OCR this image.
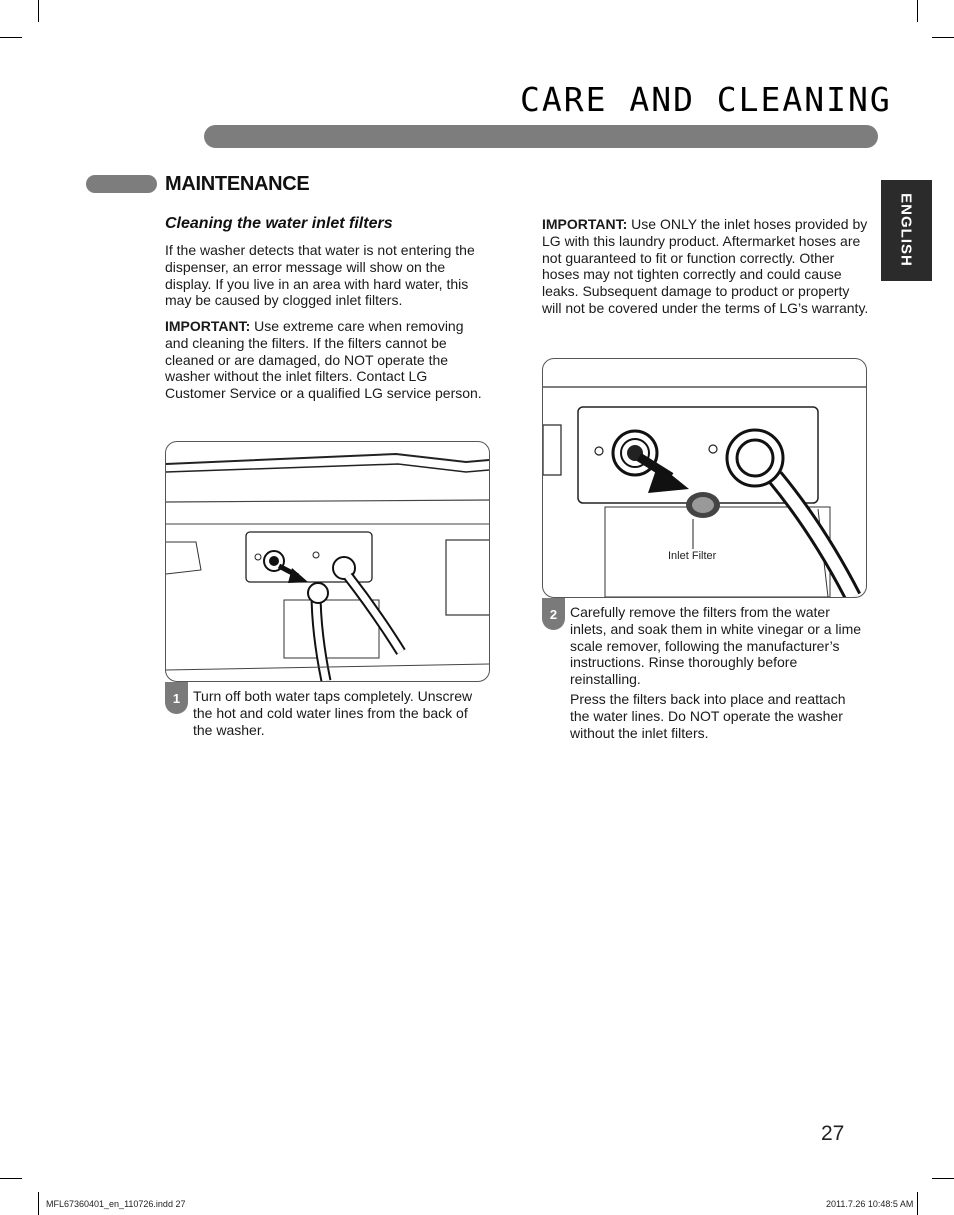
CARE AND CLEANING
ENGLISH
MAINTENANCE
Cleaning the water inlet filters

If the washer detects that water is not entering the dispenser, an error message will show on the display. If you live in an area with hard water, this may be caused by clogged inlet filters.

IMPORTANT: Use extreme care when removing and cleaning the filters. If the filters cannot be cleaned or are damaged, do NOT operate the washer without the inlet filters. Contact LG Customer Service or a qualified LG service person.

IMPORTANT: Use ONLY the inlet hoses provided by LG with this laundry product. Aftermarket hoses are not guaranteed to fit or function correctly. Other hoses may not tighten correctly and could cause leaks. Subsequent damage to product or property will not be covered under the terms of LG’s warranty.

1 Turn off both water taps completely. Unscrew the hot and cold water lines from the back of the washer.

Inlet Filter
2 Carefully remove the filters from the water inlets, and soak them in white vinegar or a lime scale remover, following the manufacturer’s instructions. Rinse thoroughly before reinstalling.

Press the filters back into place and reattach the water lines. Do NOT operate the washer without the inlet filters.

27
MFL67360401_en_110726.indd 27	2011.7.26 10:48:5 AM
